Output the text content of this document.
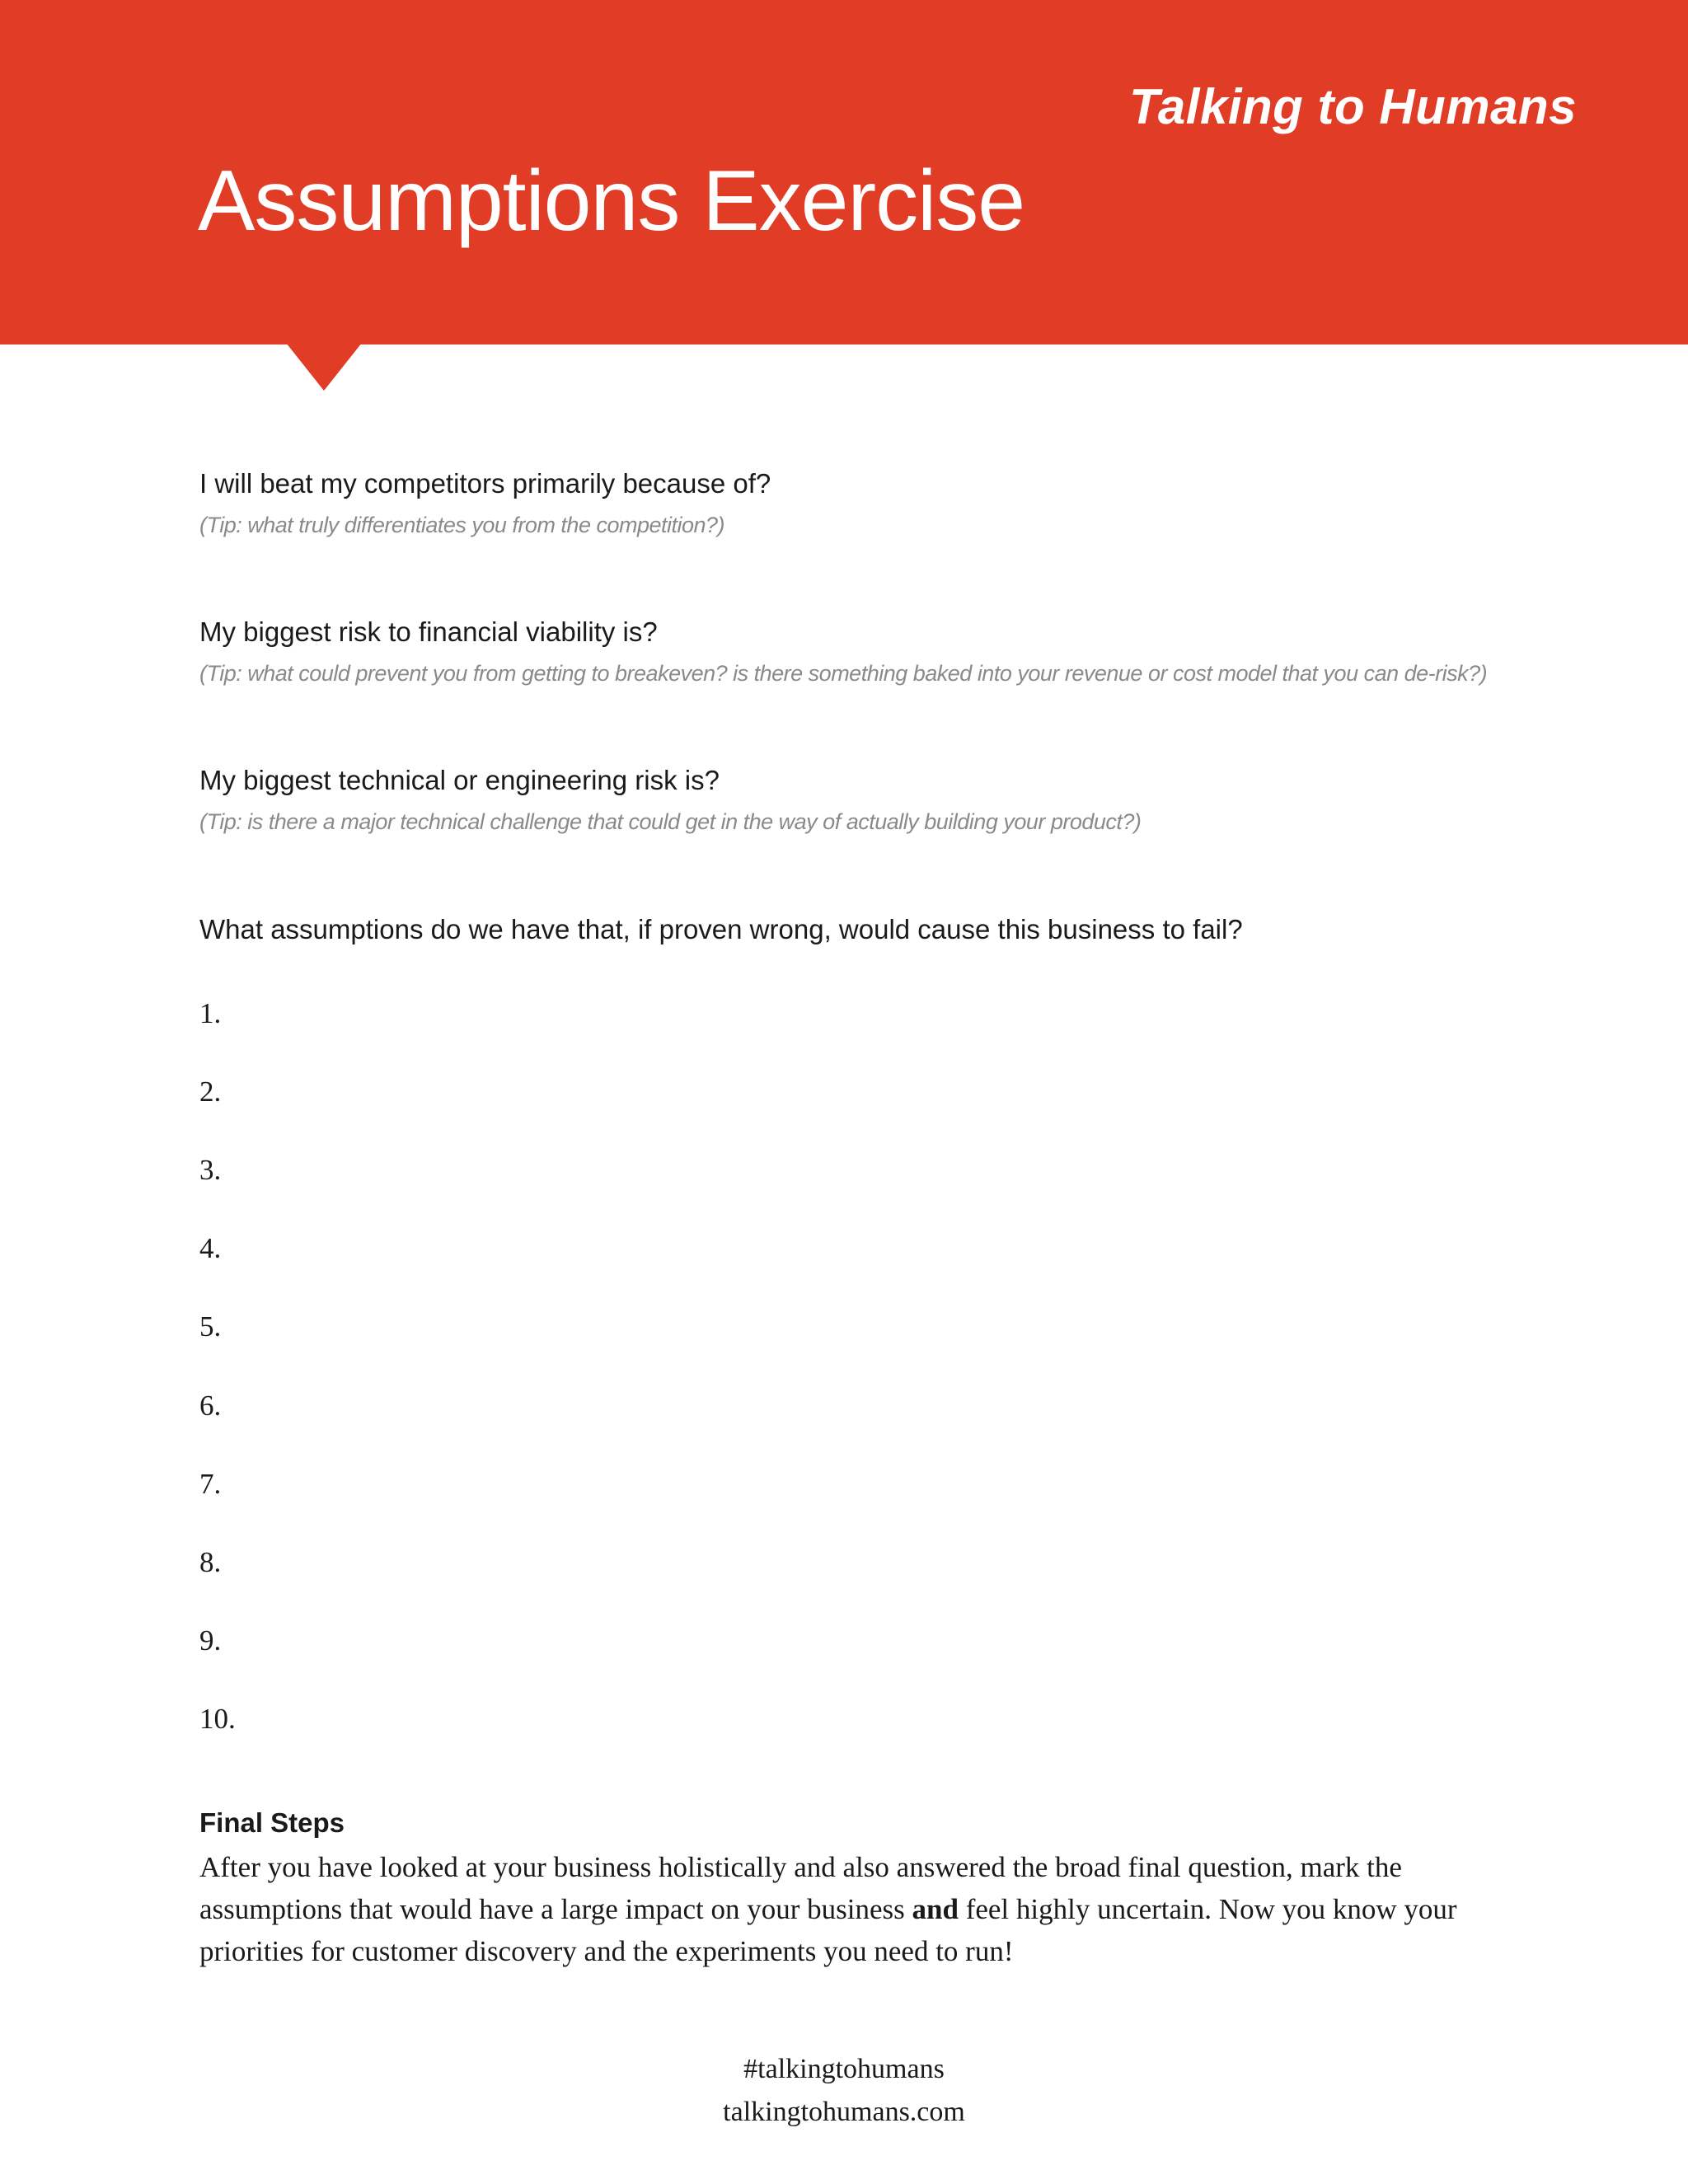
Talking to Humans
Assumptions Exercise
I will beat my competitors primarily because of?
(Tip: what truly differentiates you from the competition?)
My biggest risk to financial viability is?
(Tip: what could prevent you from getting to breakeven? is there something baked into your revenue or cost model that you can de-risk?)
My biggest technical or engineering risk is?
(Tip: is there a major technical challenge that could get in the way of actually building your product?)
What assumptions do we have that, if proven wrong, would cause this business to fail?
1.
2.
3.
4.
5.
6.
7.
8.
9.
10.
Final Steps

After you have looked at your business holistically and also answered the broad final question, mark the assumptions that would have a large impact on your business and feel highly uncertain. Now you know your priorities for customer discovery and the experiments you need to run!

#talkingtohumans
talkingtohumans.com
